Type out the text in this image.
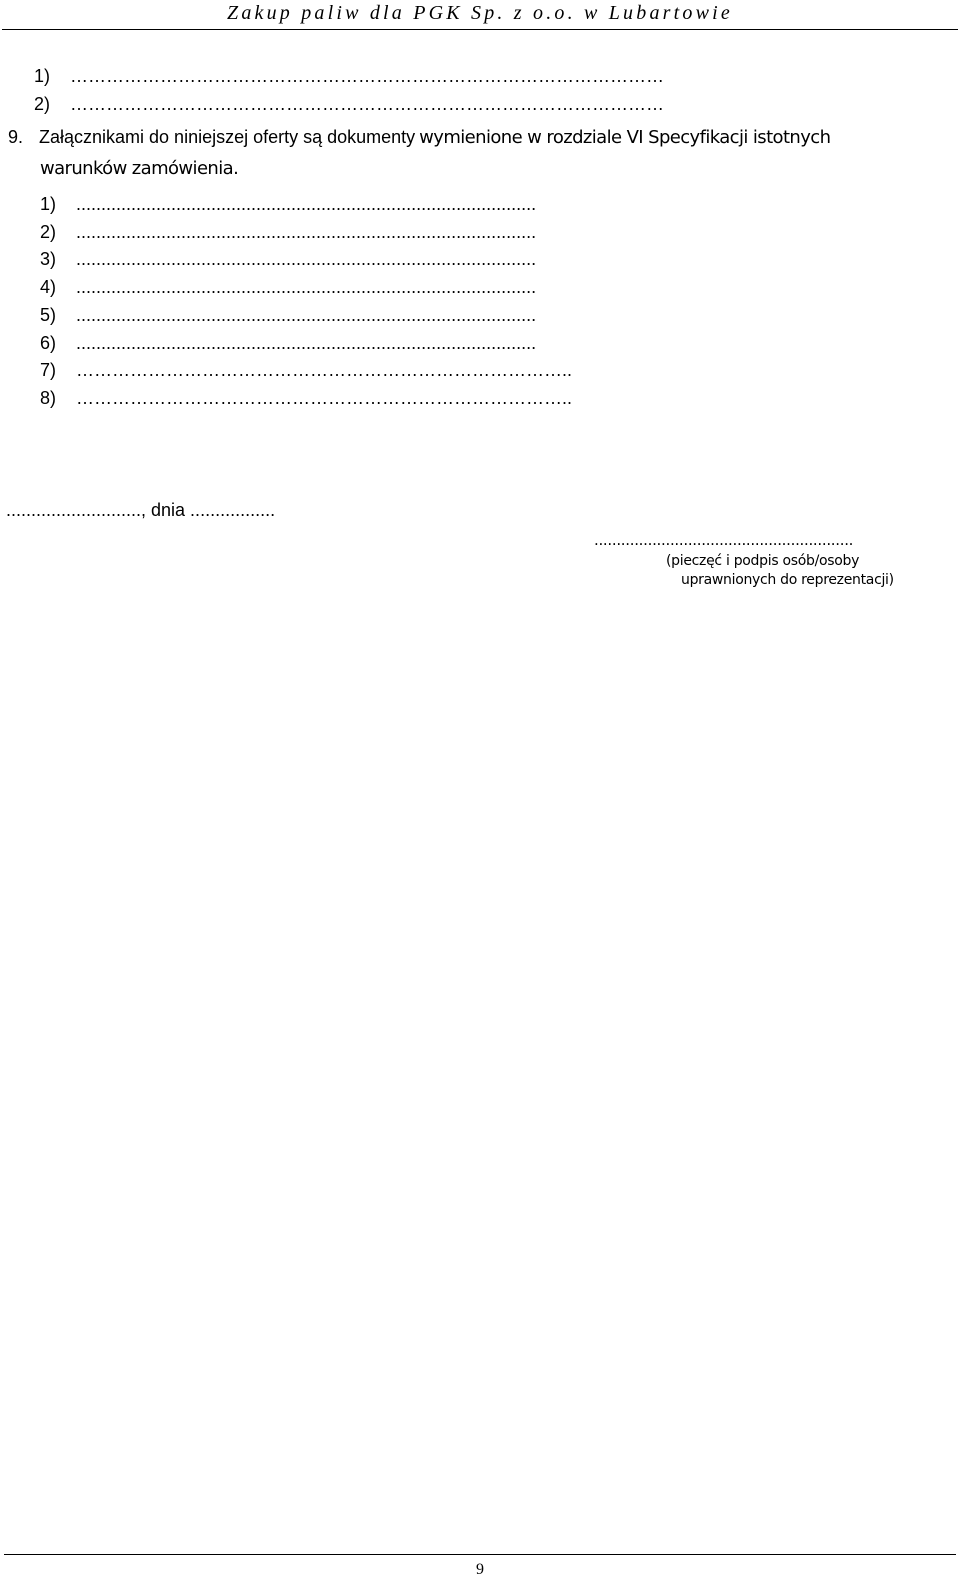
Zakup paliw dla PGK Sp. z o.o. w Lubartowie
1) ………………………………………………………………………………………
2) ………………………………………………………………………………………
9. Załącznikami do niniejszej oferty są dokumenty wymienione w rozdziale VI Specyfikacji istotnych
warunków zamówienia.
1) ............................................................................................
2) ............................................................................................
3) ............................................................................................
4) ............................................................................................
5) ............................................................................................
6) ............................................................................................
7) ………………………………………………………………………..
8) ………………………………………………………………………..
..........................., dnia .................
..........................................................
(pieczęć i podpis osób/osoby
uprawnionych do reprezentacji)
9
